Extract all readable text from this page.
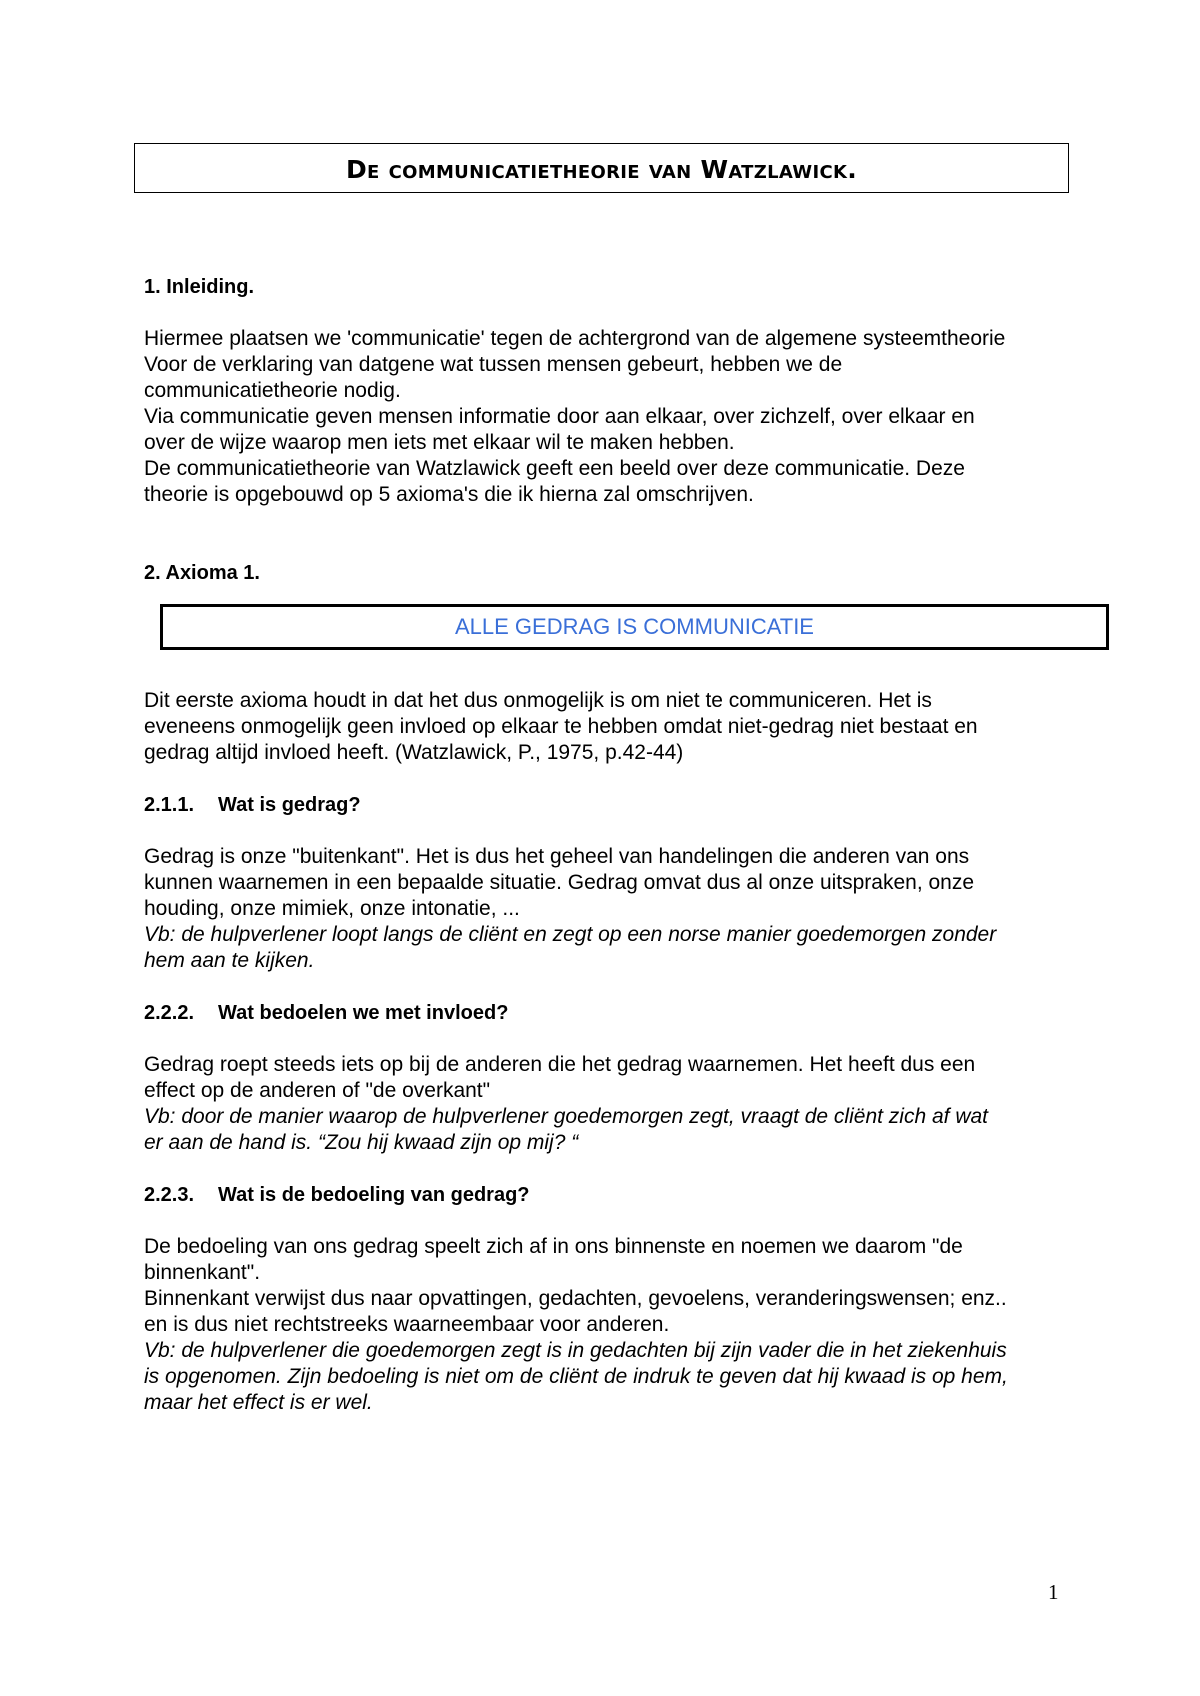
De communicatietheorie van Watzlawick.

1. Inleiding.

Hiermee plaatsen we 'communicatie' tegen de achtergrond van de algemene systeemtheorie
Voor de verklaring van datgene wat tussen mensen gebeurt, hebben we de
communicatietheorie nodig.
Via communicatie geven mensen informatie door aan elkaar, over zichzelf, over elkaar en
over de wijze waarop men iets met elkaar wil te maken hebben.
De communicatietheorie van Watzlawick geeft een beeld over deze communicatie. Deze
theorie is opgebouwd op 5 axioma's die ik hierna zal omschrijven.

2. Axioma 1.

Dit eerste axioma houdt in dat het dus onmogelijk is om niet te communiceren. Het is
eveneens onmogelijk geen invloed op elkaar te hebben omdat niet-gedrag niet bestaat en
gedrag altijd invloed heeft. (Watzlawick, P., 1975, p.42-44)

2.1.1. Wat is gedrag?

Gedrag is onze "buitenkant". Het is dus het geheel van handelingen die anderen van ons
kunnen waarnemen in een bepaalde situatie. Gedrag omvat dus al onze uitspraken, onze
houding, onze mimiek, onze intonatie, ...
Vb: de hulpverlener loopt langs de cliënt en zegt op een norse manier goedemorgen zonder
hem aan te kijken.

2.2.2. Wat bedoelen we met invloed?

Gedrag roept steeds iets op bij de anderen die het gedrag waarnemen. Het heeft dus een
effect op de anderen of "de overkant"
Vb: door de manier waarop de hulpverlener goedemorgen zegt, vraagt de cliënt zich af wat
er aan de hand is. “Zou hij kwaad zijn op mij? “

2.2.3. Wat is de bedoeling van gedrag?

De bedoeling van ons gedrag speelt zich af in ons binnenste en noemen we daarom "de
binnenkant".
Binnenkant verwijst dus naar opvattingen, gedachten, gevoelens, veranderingswensen; enz..
en is dus niet rechtstreeks waarneembaar voor anderen.
Vb: de hulpverlener die goedemorgen zegt is in gedachten bij zijn vader die in het ziekenhuis
is opgenomen. Zijn bedoeling is niet om de cliënt de indruk te geven dat hij kwaad is op hem,
maar het effect is er wel.

ALLE GEDRAG IS COMMUNICATIE
1
